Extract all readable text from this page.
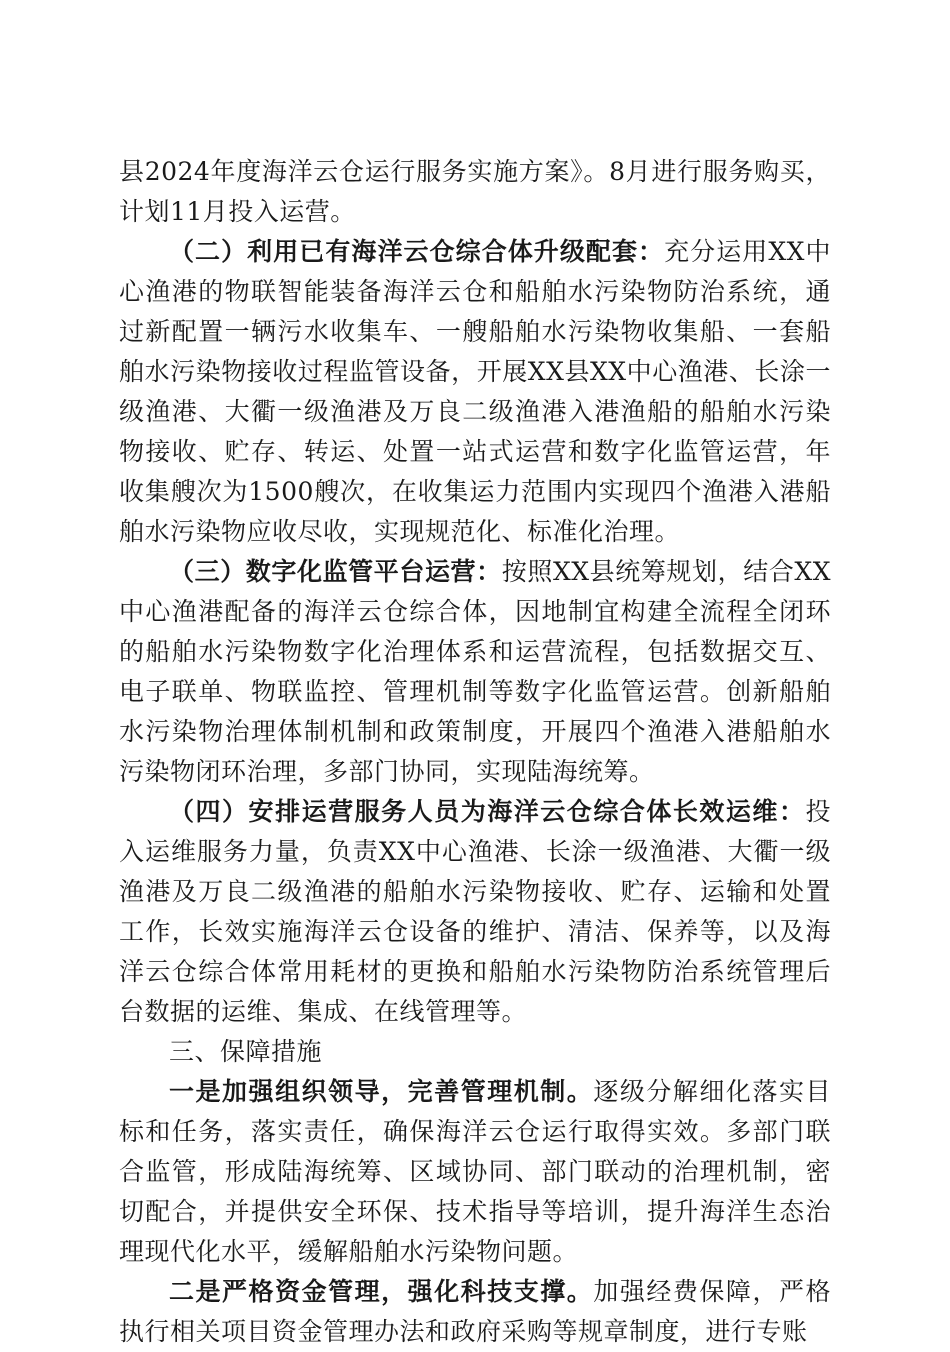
县2024年度海洋云仓运行服务实施方案》。8月进行服务购买，计划11月投入运营。

（二）利用已有海洋云仓综合体升级配套：充分运用XX中心渔港的物联智能装备海洋云仓和船舶水污染物防治系统，通过新配置一辆污水收集车、一艘船舶水污染物收集船、一套船舶水污染物接收过程监管设备，开展XX县XX中心渔港、长涂一级渔港、大衢一级渔港及万良二级渔港入港渔船的船舶水污染物接收、贮存、转运、处置一站式运营和数字化监管运营，年收集艘次为1500艘次，在收集运力范围内实现四个渔港入港船舶水污染物应收尽收，实现规范化、标准化治理。

（三）数字化监管平台运营：按照XX县统筹规划，结合XX中心渔港配备的海洋云仓综合体，因地制宜构建全流程全闭环的船舶水污染物数字化治理体系和运营流程，包括数据交互、电子联单、物联监控、管理机制等数字化监管运营。创新船舶水污染物治理体制机制和政策制度，开展四个渔港入港船舶水污染物闭环治理，多部门协同，实现陆海统筹。

（四）安排运营服务人员为海洋云仓综合体长效运维：投入运维服务力量，负责XX中心渔港、长涂一级渔港、大衢一级渔港及万良二级渔港的船舶水污染物接收、贮存、运输和处置工作，长效实施海洋云仓设备的维护、清洁、保养等，以及海洋云仓综合体常用耗材的更换和船舶水污染物防治系统管理后台数据的运维、集成、在线管理等。

三、保障措施

一是加强组织领导，完善管理机制。逐级分解细化落实目标和任务，落实责任，确保海洋云仓运行取得实效。多部门联合监管，形成陆海统筹、区域协同、部门联动的治理机制，密切配合，并提供安全环保、技术指导等培训，提升海洋生态治理现代化水平，缓解船舶水污染物问题。

二是严格资金管理，强化科技支撑。加强经费保障，严格执行相关项目资金管理办法和政府采购等规章制度，进行专账
